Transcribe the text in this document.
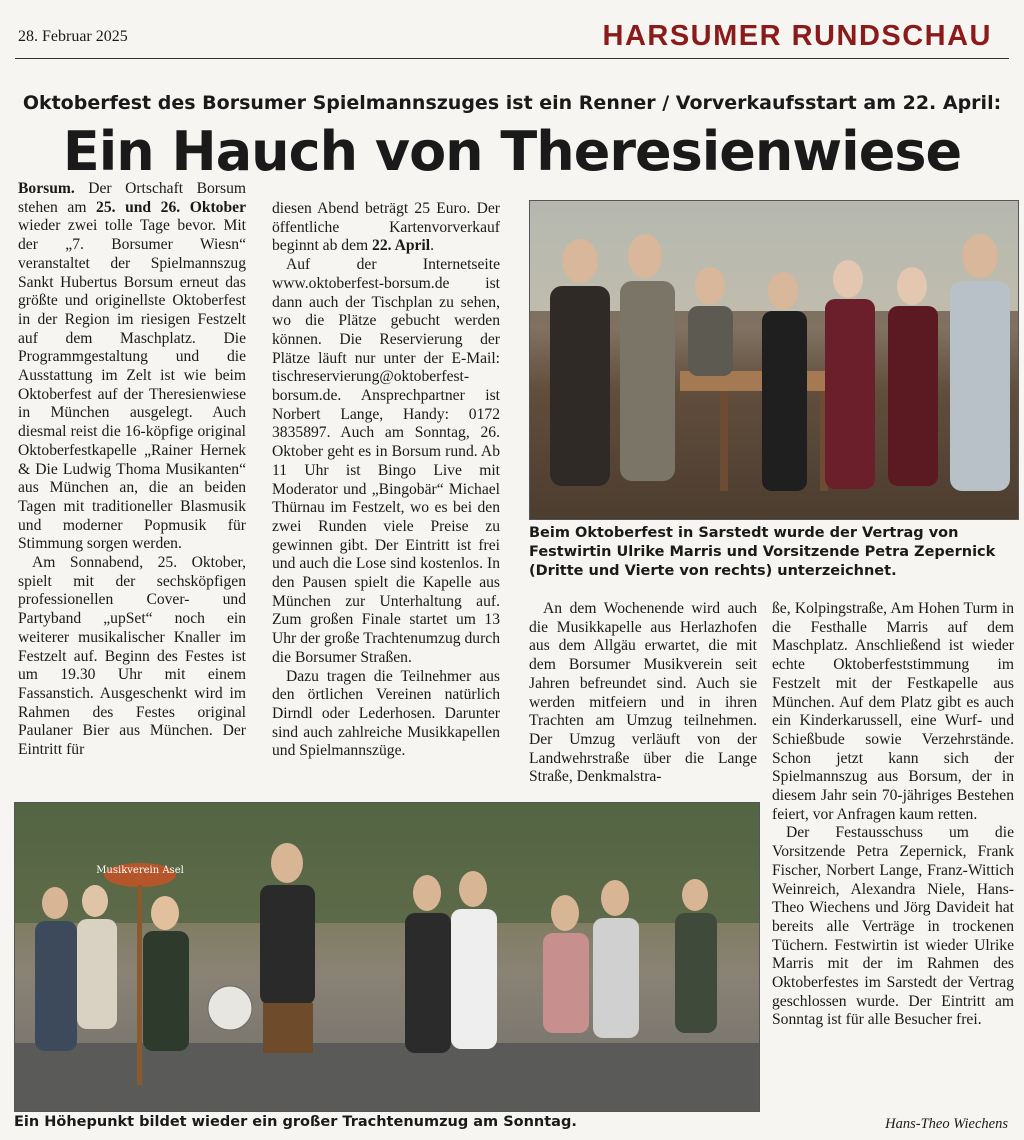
28. Februar 2025	HARSUMER RUNDSCHAU
Oktoberfest des Borsumer Spielmannszuges ist ein Renner / Vorverkaufsstart am 22. April:
Ein Hauch von Theresienwiese

Borsum. Der Ortschaft Borsum stehen am 25. und 26. Oktober wieder zwei tolle Tage bevor. Mit der „7. Borsumer Wiesn“ veranstaltet der Spielmannszug Sankt Hubertus Borsum erneut das größte und originellste Oktoberfest in der Region im riesigen Festzelt auf dem Maschplatz. Die Programmgestaltung und die Ausstattung im Zelt ist wie beim Oktoberfest auf der Theresienwiese in München ausgelegt. Auch diesmal reist die 16-köpfige original Oktoberfestkapelle „Rainer Hernek & Die Ludwig Thoma Musikanten“ aus München an, die an beiden Tagen mit traditioneller Blasmusik und moderner Popmusik für Stimmung sorgen werden.

Am Sonnabend, 25. Oktober, spielt mit der sechsköpfigen professionellen Cover- und Partyband „upSet“ noch ein weiterer musikalischer Knaller im Festzelt auf. Beginn des Festes ist um 19.30 Uhr mit einem Fassanstich. Ausgeschenkt wird im Rahmen des Festes original Paulaner Bier aus München. Der Eintritt für

diesen Abend beträgt 25 Euro. Der öffentliche Kartenvorverkauf beginnt ab dem 22. April.

Auf der Internetseite www.oktoberfest-borsum.de ist dann auch der Tischplan zu sehen, wo die Plätze gebucht werden können. Die Reservierung der Plätze läuft nur unter der E-Mail: tischreservierung@oktoberfest-borsum.de. Ansprechpartner ist Norbert Lange, Handy: 0172 3835897. Auch am Sonntag, 26. Oktober geht es in Borsum rund. Ab 11 Uhr ist Bingo Live mit Moderator und „Bingobär“ Michael Thürnau im Festzelt, wo es bei den zwei Runden viele Preise zu gewinnen gibt. Der Eintritt ist frei und auch die Lose sind kostenlos. In den Pausen spielt die Kapelle aus München zur Unterhaltung auf. Zum großen Finale startet um 13 Uhr der große Trachtenumzug durch die Borsumer Straßen.

Dazu tragen die Teilnehmer aus den örtlichen Vereinen natürlich Dirndl oder Lederhosen. Darunter sind auch zahlreiche Musikkapellen und Spielmannszüge.

Beim Oktoberfest in Sarstedt wurde der Vertrag von Festwirtin Ulrike Marris und Vorsitzende Petra Zepernick (Dritte und Vierte von rechts) unterzeichnet.

An dem Wochenende wird auch die Musikkapelle aus Herlazhofen aus dem Allgäu erwartet, die mit dem Borsumer Musikverein seit Jahren befreundet sind. Auch sie werden mitfeiern und in ihren Trachten am Umzug teilnehmen. Der Umzug verläuft von der Landwehrstraße über die Lange Straße, Denkmalstra-

ße, Kolpingstraße, Am Hohen Turm in die Festhalle Marris auf dem Maschplatz. Anschließend ist wieder echte Oktoberfeststimmung im Festzelt mit der Festkapelle aus München. Auf dem Platz gibt es auch ein Kinderkarussell, eine Wurf- und Schießbude sowie Verzehrstände. Schon jetzt kann sich der Spielmannszug aus Borsum, der in diesem Jahr sein 70-jähriges Bestehen feiert, vor Anfragen kaum retten.

Der Festausschuss um die Vorsitzende Petra Zepernick, Frank Fischer, Norbert Lange, Franz-Wittich Weinreich, Alexandra Niele, Hans-Theo Wiechens und Jörg Davideit hat bereits alle Verträge in trockenen Tüchern. Festwirtin ist wieder Ulrike Marris mit der im Rahmen des Oktoberfestes im Sarstedt der Vertrag geschlossen wurde. Der Eintritt am Sonntag ist für alle Besucher frei.

Musikverein Asel
Ein Höhepunkt bildet wieder ein großer Trachtenumzug am Sonntag.	Hans-Theo Wiechens
